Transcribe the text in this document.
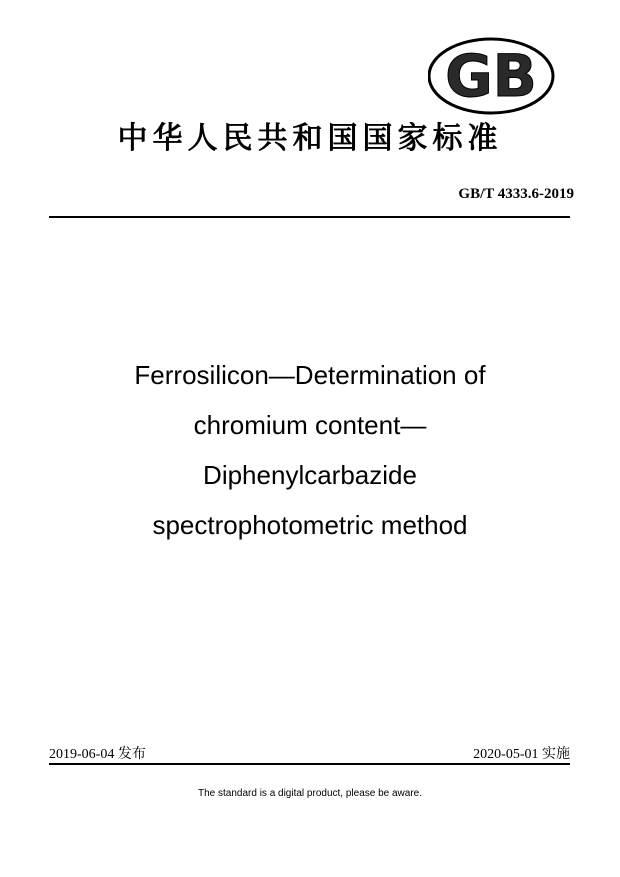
GB
中华人民共和国国家标准
GB/T 4333.6-2019
Ferrosilicon—Determination of
chromium content—
Diphenylcarbazide
spectrophotometric method
2019-06-04 发布	2020-05-01 实施
The standard is a digital product, please be aware.
